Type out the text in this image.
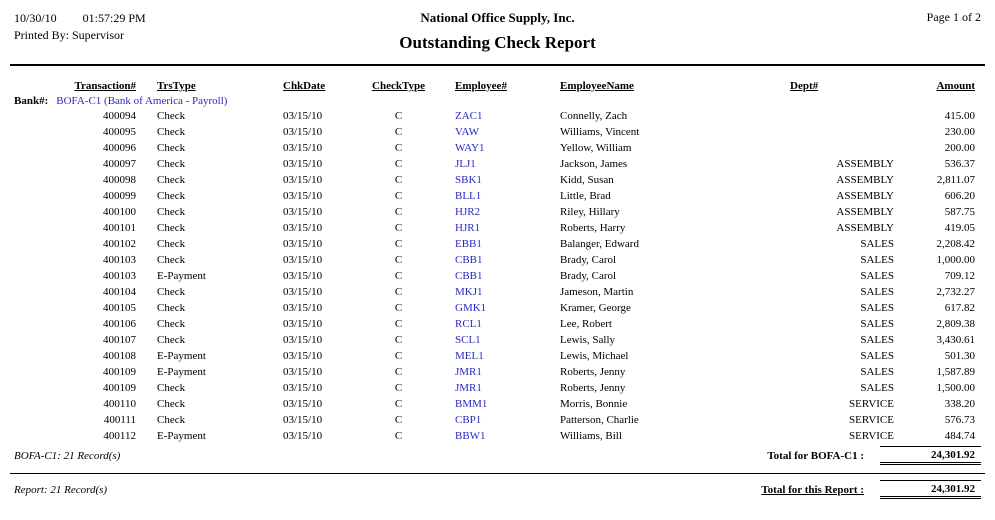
10/30/10 01:57:29 PM
Printed By: Supervisor
National Office Supply, Inc.
Outstanding Check Report
Page 1 of 2
Transaction#	TrsType	ChkDate	CheckType	Employee#	EmployeeName	Dept#	Amount
Bank#: BOFA-C1 (Bank of America - Payroll)							
400094	Check	03/15/10	C	ZAC1	Connelly, Zach		415.00
400095	Check	03/15/10	C	VAW	Williams, Vincent		230.00
400096	Check	03/15/10	C	WAY1	Yellow, William		200.00
400097	Check	03/15/10	C	JLJ1	Jackson, James	ASSEMBLY	536.37
400098	Check	03/15/10	C	SBK1	Kidd, Susan	ASSEMBLY	2,811.07
400099	Check	03/15/10	C	BLL1	Little, Brad	ASSEMBLY	606.20
400100	Check	03/15/10	C	HJR2	Riley, Hillary	ASSEMBLY	587.75
400101	Check	03/15/10	C	HJR1	Roberts, Harry	ASSEMBLY	419.05
400102	Check	03/15/10	C	EBB1	Balanger, Edward	SALES	2,208.42
400103	Check	03/15/10	C	CBB1	Brady, Carol	SALES	1,000.00
400103	E-Payment	03/15/10	C	CBB1	Brady, Carol	SALES	709.12
400104	Check	03/15/10	C	MKJ1	Jameson, Martin	SALES	2,732.27
400105	Check	03/15/10	C	GMK1	Kramer, George	SALES	617.82
400106	Check	03/15/10	C	RCL1	Lee, Robert	SALES	2,809.38
400107	Check	03/15/10	C	SCL1	Lewis, Sally	SALES	3,430.61
400108	E-Payment	03/15/10	C	MEL1	Lewis, Michael	SALES	501.30
400109	E-Payment	03/15/10	C	JMR1	Roberts, Jenny	SALES	1,587.89
400109	Check	03/15/10	C	JMR1	Roberts, Jenny	SALES	1,500.00
400110	Check	03/15/10	C	BMM1	Morris, Bonnie	SERVICE	338.20
400111	Check	03/15/10	C	CBP1	Patterson, Charlie	SERVICE	576.73
400112	E-Payment	03/15/10	C	BBW1	Williams, Bill	SERVICE	484.74
BOFA-C1: 21 Record(s)	Total for BOFA-C1 :	24,301.92
Report: 21 Record(s)	Total for this Report :	24,301.92
